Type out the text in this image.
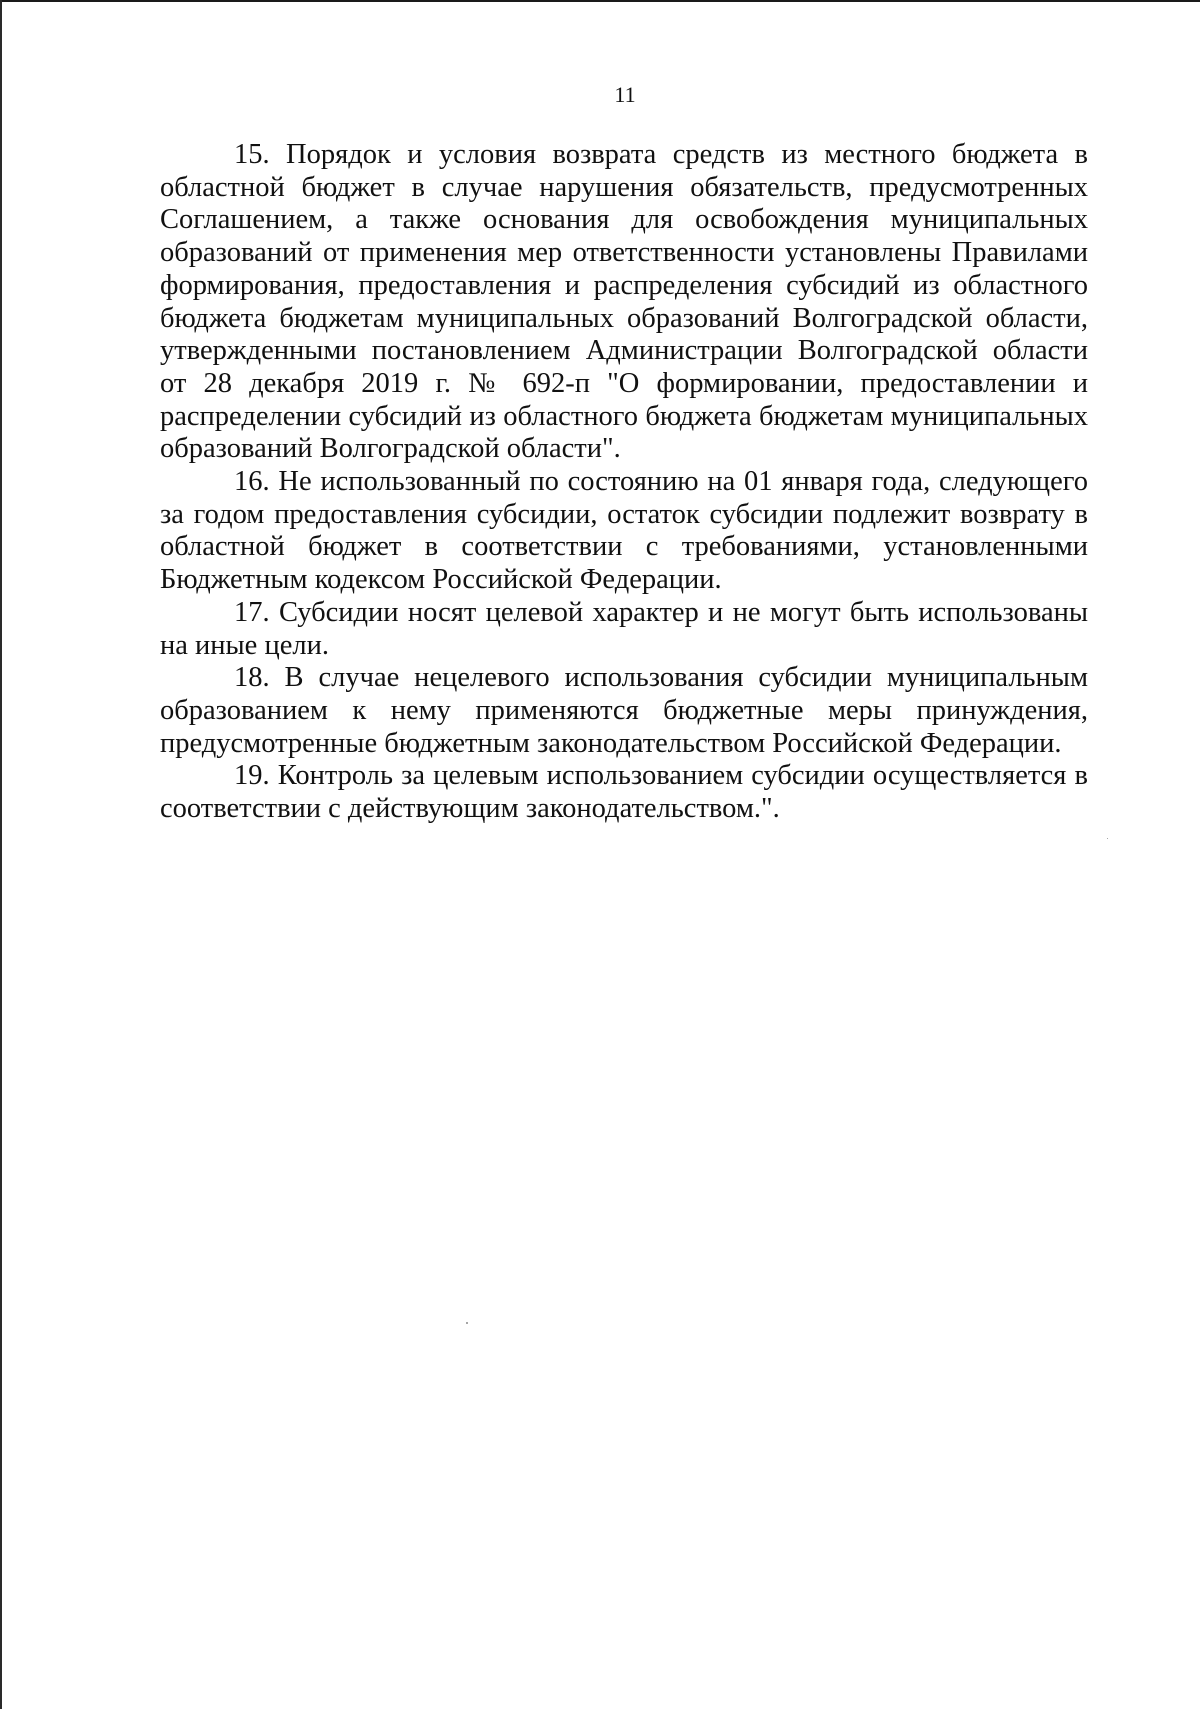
11

15. Порядок и условия возврата средств из местного бюджета в областной бюджет в случае нарушения обязательств, предусмотренных Соглашением, а также основания для освобождения муниципальных образований от применения мер ответственности установлены Правилами формирования, предоставления и распределения субсидий из областного бюджета бюджетам муниципальных образований Волгоградской области, утвержденными постановлением Администрации Волгоградской области от 28 декабря 2019 г. № 692-п "О формировании, предоставлении и распределении субсидий из областного бюджета бюджетам муниципальных образований Волгоградской области".

16. Не использованный по состоянию на 01 января года, следующего за годом предоставления субсидии, остаток субсидии подлежит возврату в областной бюджет в соответствии с требованиями, установленными Бюджетным кодексом Российской Федерации.

17. Субсидии носят целевой характер и не могут быть использованы на иные цели.

18. В случае нецелевого использования субсидии муниципальным образованием к нему применяются бюджетные меры принуждения, предусмотренные бюджетным законодательством Российской Федерации.

19. Контроль за целевым использованием субсидии осуществляется в соответствии с действующим законодательством.".
